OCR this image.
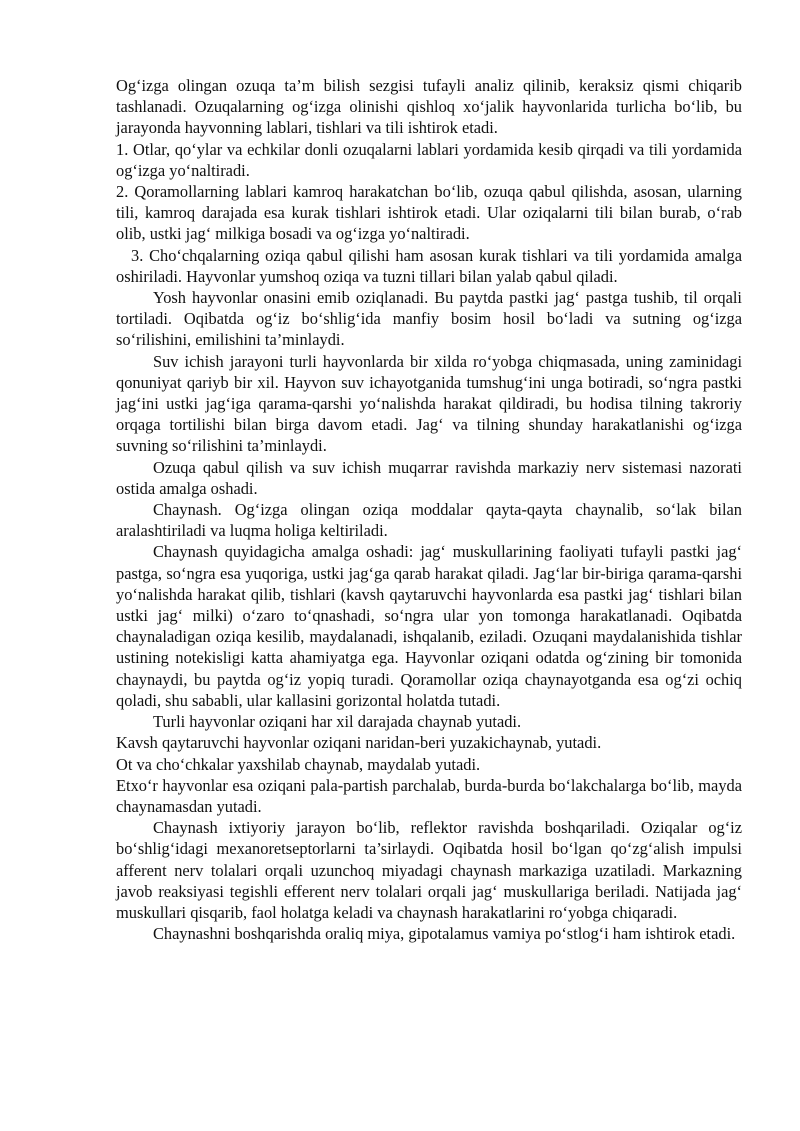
Og‘izga olingan ozuqa ta’m bilish sezgisi tufayli analiz qilinib, keraksiz qismi chiqarib tashlanadi. Ozuqalarning og‘izga olinishi qishloq xo‘jalik hayvonlarida turlicha bo‘lib, bu jarayonda hayvonning lablari, tishlari va tili ishtirok etadi.

1. Otlar, qo‘ylar va echkilar donli ozuqalarni lablari yordamida kesib qirqadi va tili yordamida og‘izga yo‘naltiradi.

2. Qoramollarning lablari kamroq harakatchan bo‘lib, ozuqa qabul qilishda, asosan, ularning tili, kamroq darajada esa kurak tishlari ishtirok etadi. Ular oziqalarni tili bilan burab, o‘rab olib, ustki jag‘ milkiga bosadi va og‘izga yo‘naltiradi.

3. Cho‘chqalarning oziqa qabul qilishi ham asosan kurak tishlari va tili yordamida amalga oshiriladi. Hayvonlar yumshoq oziqa va tuzni tillari bilan yalab qabul qiladi.

Yosh hayvonlar onasini emib oziqlanadi. Bu paytda pastki jag‘ pastga tushib, til orqali tortiladi. Oqibatda og‘iz bo‘shlig‘ida manfiy bosim hosil bo‘ladi va sutning og‘izga so‘rilishini, emilishini ta’minlaydi.

Suv ichish jarayoni turli hayvonlarda bir xilda ro‘yobga chiqmasada, uning zaminidagi qonuniyat qariyb bir xil. Hayvon suv ichayotganida tumshug‘ini unga botiradi, so‘ngra pastki jag‘ini ustki jag‘iga qarama-qarshi yo‘nalishda harakat qildiradi, bu hodisa tilning takroriy orqaga tortilishi bilan birga davom etadi. Jag‘ va tilning shunday harakatlanishi og‘izga suvning so‘rilishini ta’minlaydi.

Ozuqa qabul qilish va suv ichish muqarrar ravishda markaziy nerv sistemasi nazorati ostida amalga oshadi.

Chaynash. Og‘izga olingan oziqa moddalar qayta-qayta chaynalib, so‘lak bilan aralashtiriladi va luqma holiga keltiriladi.

Chaynash quyidagicha amalga oshadi: jag‘ muskullarining faoliyati tufayli pastki jag‘ pastga, so‘ngra esa yuqoriga, ustki jag‘ga qarab harakat qiladi. Jag‘lar bir-biriga qarama-qarshi yo‘nalishda harakat qilib, tishlari (kavsh qaytaruvchi hayvonlarda esa pastki jag‘ tishlari bilan ustki jag‘ milki) o‘zaro to‘qnashadi, so‘ngra ular yon tomonga harakatlanadi. Oqibatda chaynaladigan oziqa kesilib, maydalanadi, ishqalanib, eziladi. Ozuqani maydalanishida tishlar ustining notekisligi katta ahamiyatga ega. Hayvonlar oziqani odatda og‘zining bir tomonida chaynaydi, bu paytda og‘iz yopiq turadi. Qoramollar oziqa chaynayotganda esa og‘zi ochiq qoladi, shu sababli, ular kallasini gorizontal holatda tutadi.

Turli hayvonlar oziqani har xil darajada chaynab yutadi.

Kavsh qaytaruvchi hayvonlar oziqani naridan-beri yuzakichaynab, yutadi.

Ot va cho‘chkalar yaxshilab chaynab, maydalab yutadi.

Etxo‘r hayvonlar esa oziqani pala-partish parchalab, burda-burda bo‘lakchalarga bo‘lib, mayda chaynamasdan yutadi.

Chaynash ixtiyoriy jarayon bo‘lib, reflektor ravishda boshqariladi. Oziqalar og‘iz bo‘shlig‘idagi mexanoretseptorlarni ta’sirlaydi. Oqibatda hosil bo‘lgan qo‘zg‘alish impulsi afferent nerv tolalari orqali uzunchoq miyadagi chaynash markaziga uzatiladi. Markazning javob reaksiyasi tegishli efferent nerv tolalari orqali jag‘ muskullariga beriladi. Natijada jag‘ muskullari qisqarib, faol holatga keladi va chaynash harakatlarini ro‘yobga chiqaradi.

Chaynashni boshqarishda oraliq miya, gipotalamus vamiya po‘stlog‘i ham ishtirok etadi.
